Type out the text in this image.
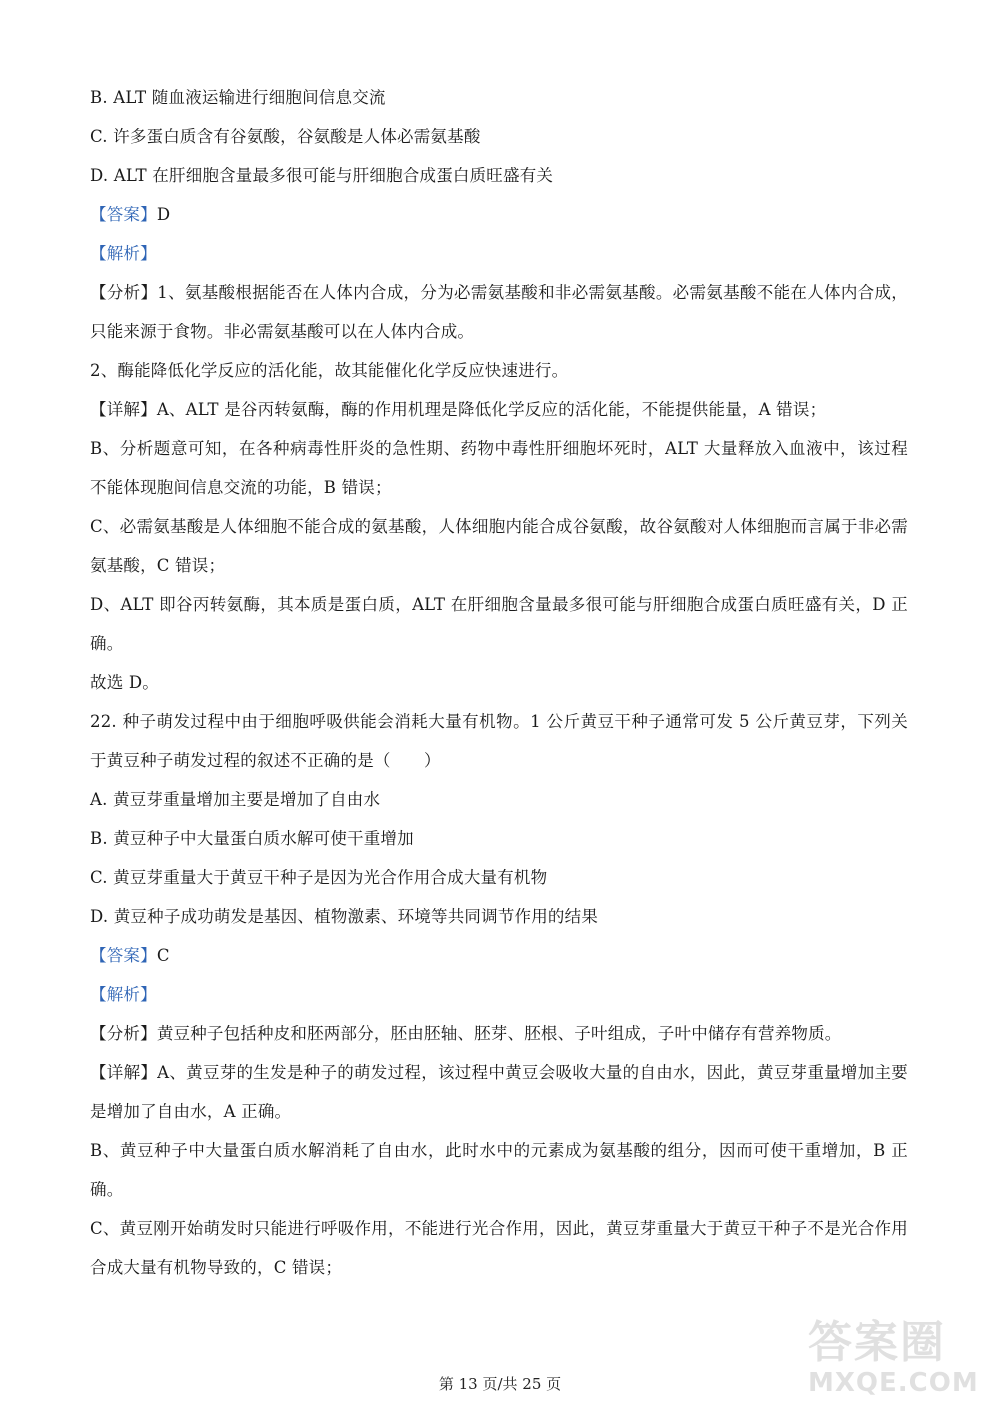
B. ALT 随血液运输进行细胞间信息交流

C. 许多蛋白质含有谷氨酸，谷氨酸是人体必需氨基酸

D. ALT 在肝细胞含量最多很可能与肝细胞合成蛋白质旺盛有关

【答案】D

【解析】

【分析】1、氨基酸根据能否在人体内合成，分为必需氨基酸和非必需氨基酸。必需氨基酸不能在人体内合成，只能来源于食物。非必需氨基酸可以在人体内合成。

2、酶能降低化学反应的活化能，故其能催化化学反应快速进行。

【详解】A、ALT 是谷丙转氨酶，酶的作用机理是降低化学反应的活化能，不能提供能量，A 错误；

B、分析题意可知，在各种病毒性肝炎的急性期、药物中毒性肝细胞坏死时，ALT 大量释放入血液中，该过程不能体现胞间信息交流的功能，B 错误；

C、必需氨基酸是人体细胞不能合成的氨基酸，人体细胞内能合成谷氨酸，故谷氨酸对人体细胞而言属于非必需氨基酸，C 错误；

D、ALT 即谷丙转氨酶，其本质是蛋白质，ALT 在肝细胞含量最多很可能与肝细胞合成蛋白质旺盛有关，D 正确。

故选 D。

22. 种子萌发过程中由于细胞呼吸供能会消耗大量有机物。1 公斤黄豆干种子通常可发 5 公斤黄豆芽，下列关于黄豆种子萌发过程的叙述不正确的是（　　）

A. 黄豆芽重量增加主要是增加了自由水

B. 黄豆种子中大量蛋白质水解可使干重增加

C. 黄豆芽重量大于黄豆干种子是因为光合作用合成大量有机物

D. 黄豆种子成功萌发是基因、植物激素、环境等共同调节作用的结果

【答案】C

【解析】

【分析】黄豆种子包括种皮和胚两部分，胚由胚轴、胚芽、胚根、子叶组成，子叶中储存有营养物质。

【详解】A、黄豆芽的生发是种子的萌发过程，该过程中黄豆会吸收大量的自由水，因此，黄豆芽重量增加主要是增加了自由水，A 正确。

B、黄豆种子中大量蛋白质水解消耗了自由水，此时水中的元素成为氨基酸的组分，因而可使干重增加，B 正确。

C、黄豆刚开始萌发时只能进行呼吸作用，不能进行光合作用，因此，黄豆芽重量大于黄豆干种子不是光合作用合成大量有机物导致的，C 错误；

第 13 页/共 25 页
答案圈
MXQE.COM
